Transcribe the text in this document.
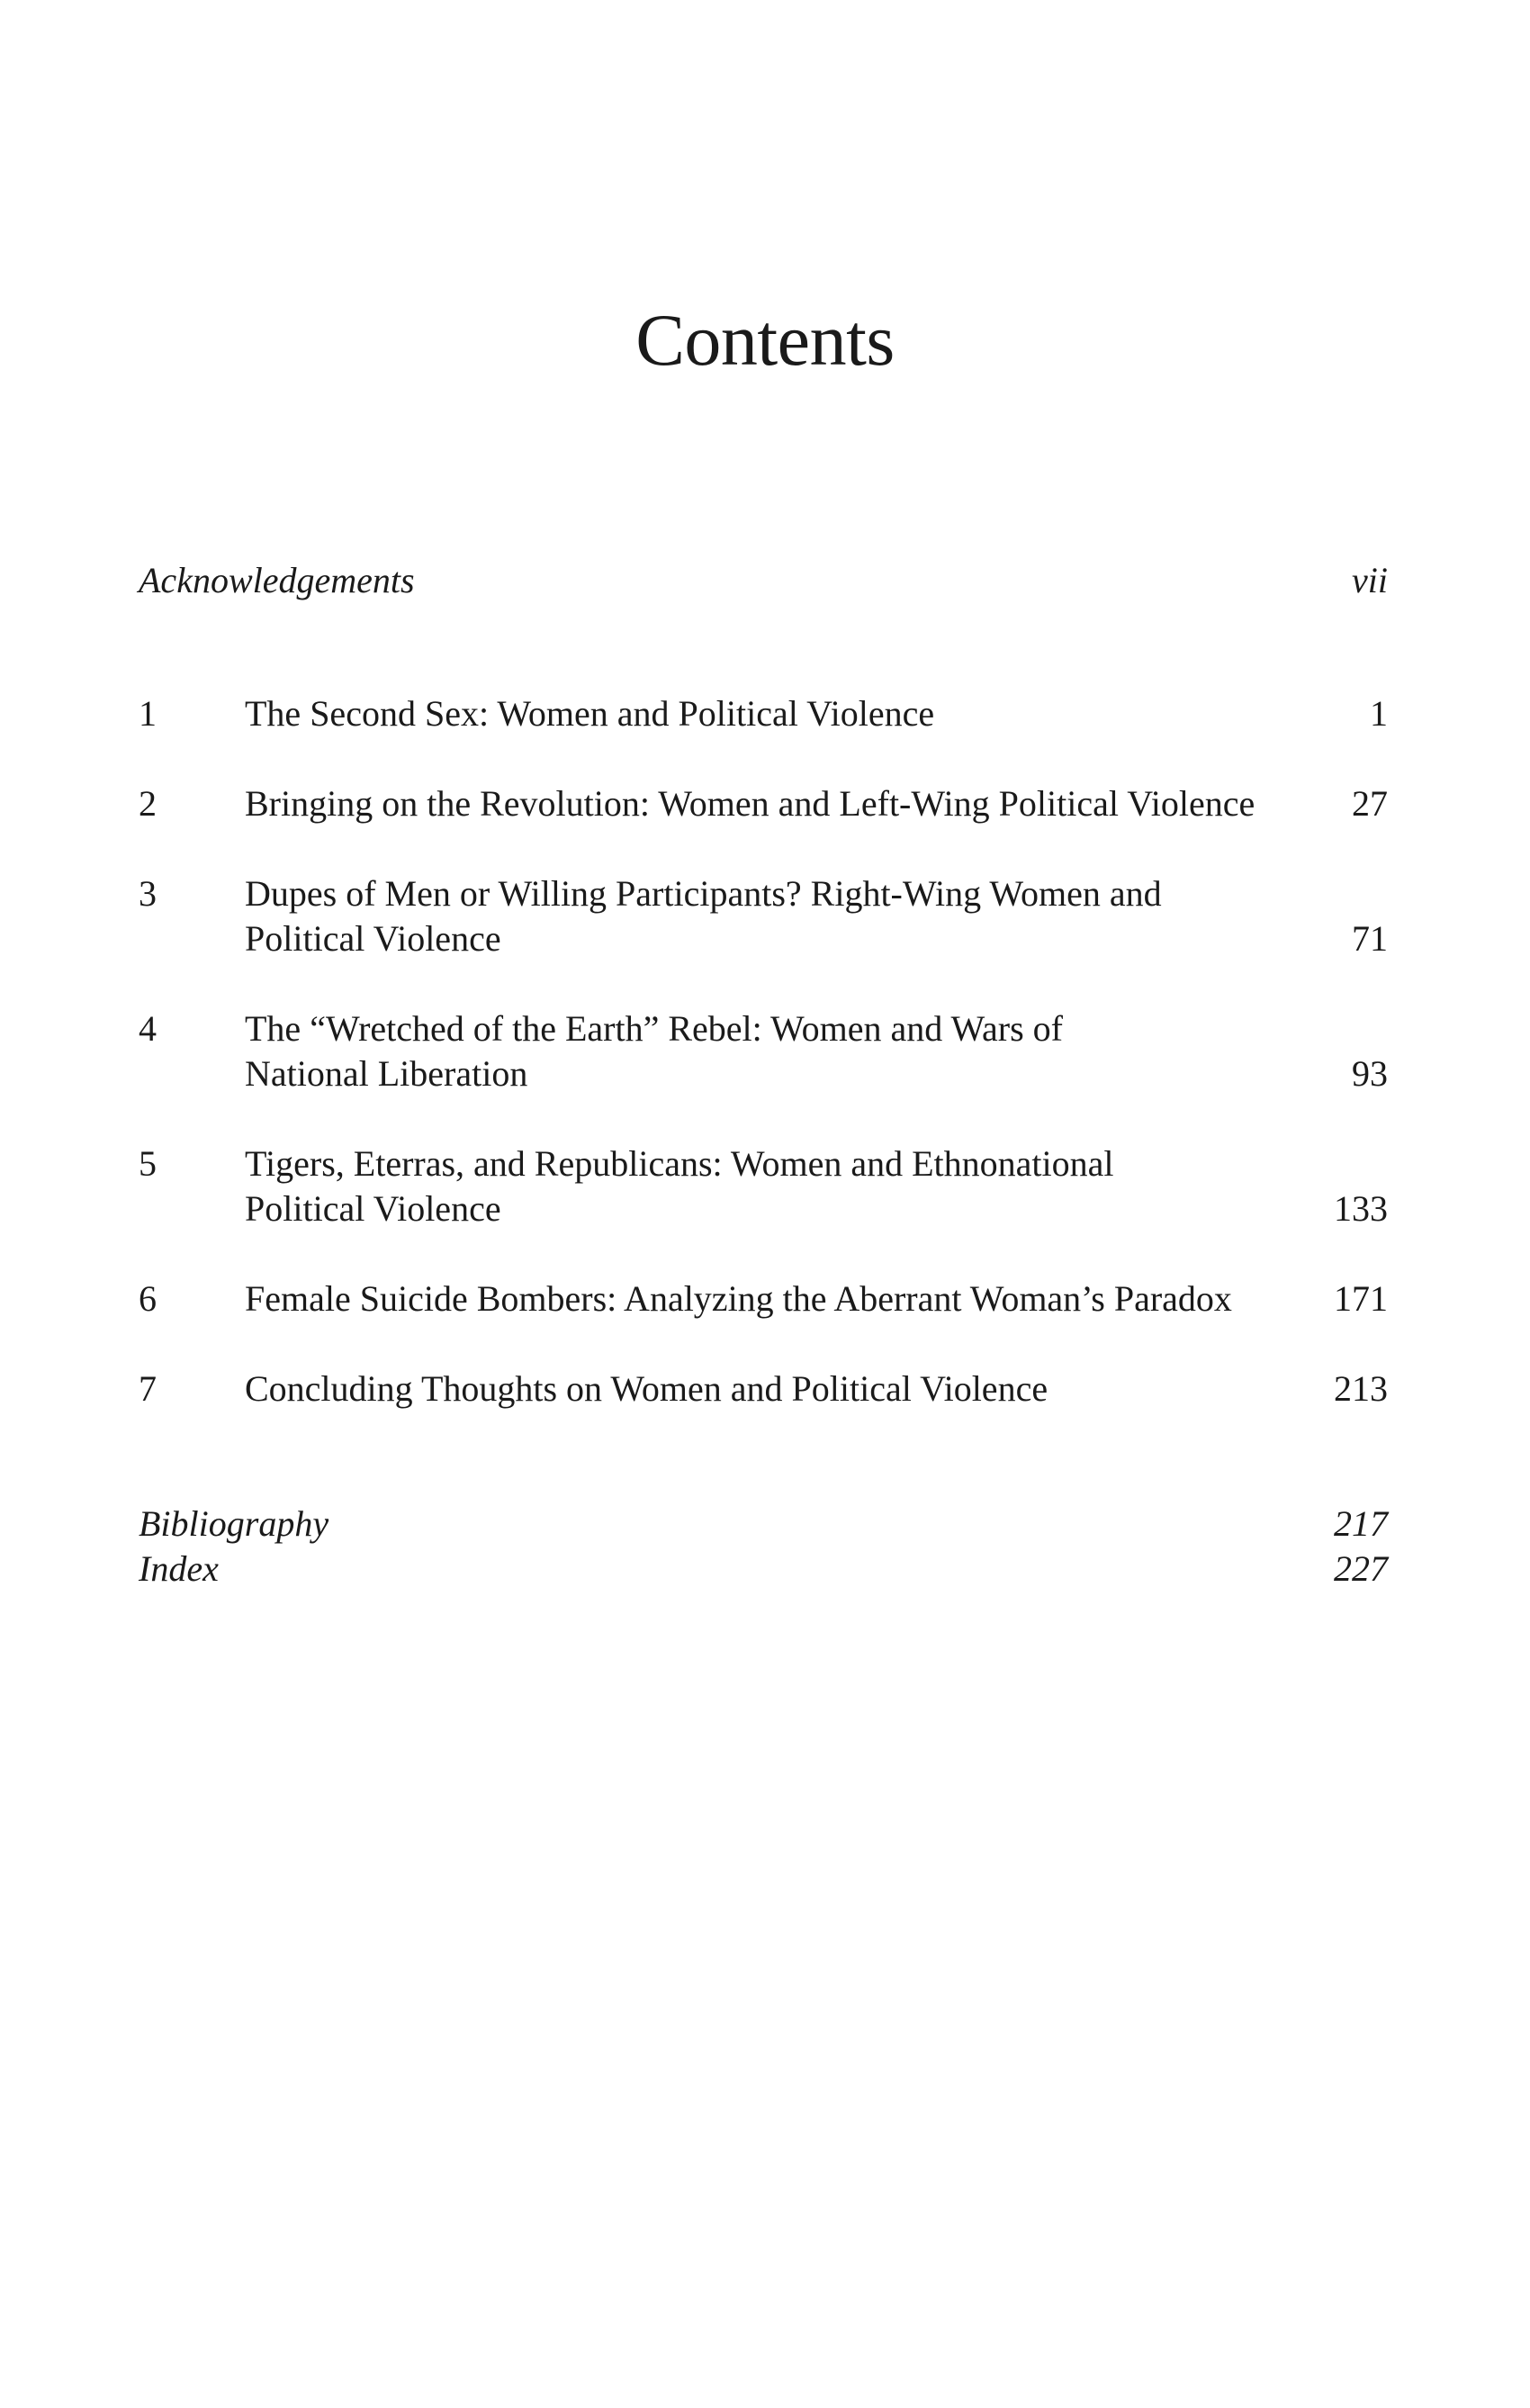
Contents
Acknowledgements	vii
1 The Second Sex: Women and Political Violence	1
2 Bringing on the Revolution: Women and Left-Wing Political Violence	27
3 Dupes of Men or Willing Participants? Right-Wing Women and
Political Violence	71
4 The “Wretched of the Earth” Rebel: Women and Wars of
National Liberation	93
5 Tigers, Eterras, and Republicans: Women and Ethnonational
Political Violence	133
6 Female Suicide Bombers: Analyzing the Aberrant Woman’s Paradox	171
7 Concluding Thoughts on Women and Political Violence	213
Bibliography	217
Index	227
